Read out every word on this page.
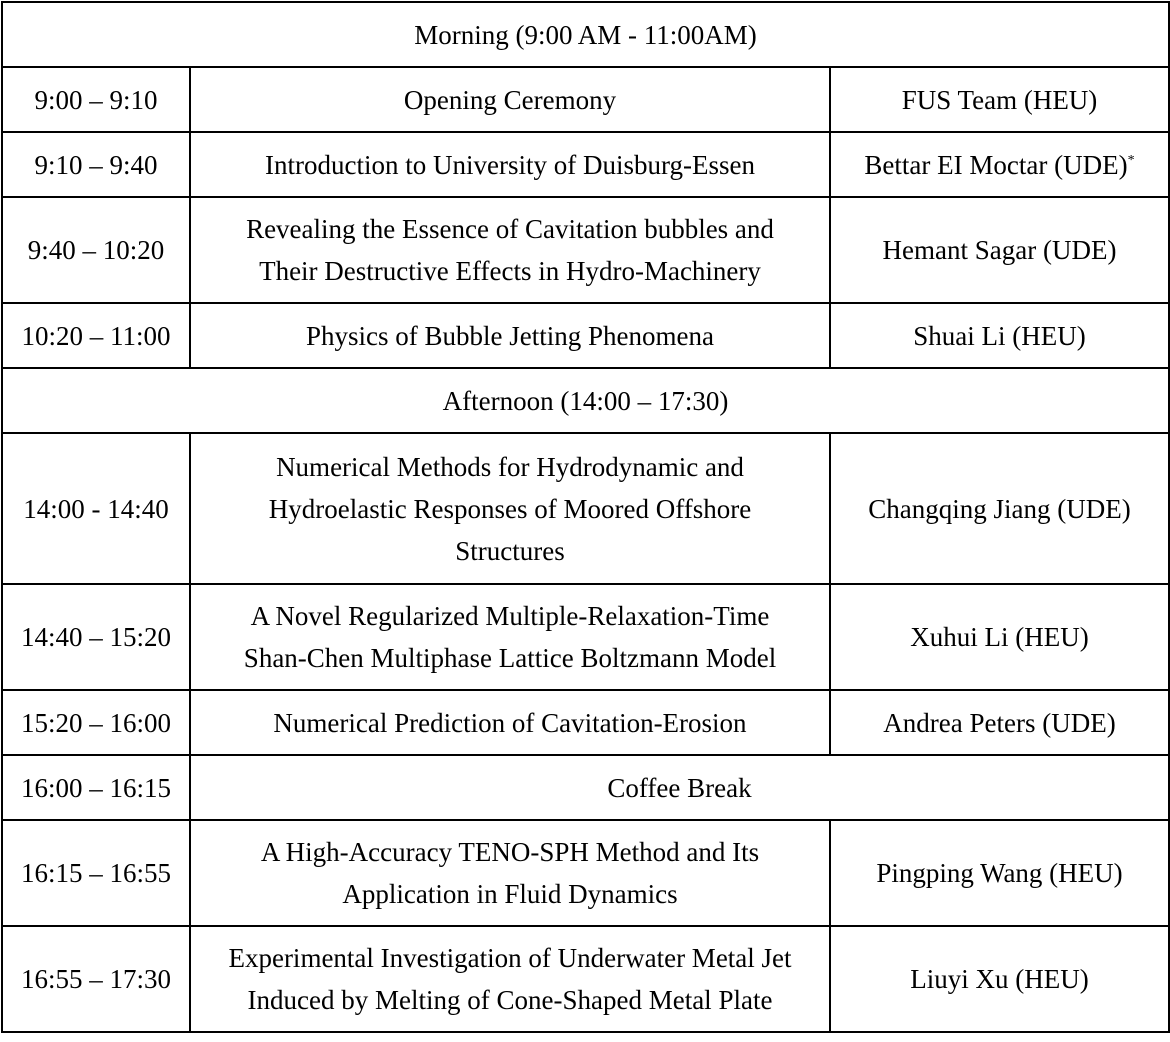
Morning (9:00 AM - 11:00AM)		
9:00 – 9:10	Opening Ceremony	FUS Team (HEU)
9:10 – 9:40	Introduction to University of Duisburg-Essen	Bettar EI Moctar (UDE)*
9:40 – 10:20	Revealing the Essence of Cavitation bubbles and
Their Destructive Effects in Hydro-Machinery	Hemant Sagar (UDE)
10:20 – 11:00	Physics of Bubble Jetting Phenomena	Shuai Li (HEU)
Afternoon (14:00 – 17:30)		
14:00 - 14:40	Numerical Methods for Hydrodynamic and
Hydroelastic Responses of Moored Offshore
Structures	Changqing Jiang (UDE)
14:40 – 15:20	A Novel Regularized Multiple-Relaxation-Time
Shan-Chen Multiphase Lattice Boltzmann Model	Xuhui Li (HEU)
15:20 – 16:00	Numerical Prediction of Cavitation-Erosion	Andrea Peters (UDE)
16:00 – 16:15	Coffee Break	
16:15 – 16:55	A High-Accuracy TENO-SPH Method and Its
Application in Fluid Dynamics	Pingping Wang (HEU)
16:55 – 17:30	Experimental Investigation of Underwater Metal Jet
Induced by Melting of Cone-Shaped Metal Plate	Liuyi Xu (HEU)
